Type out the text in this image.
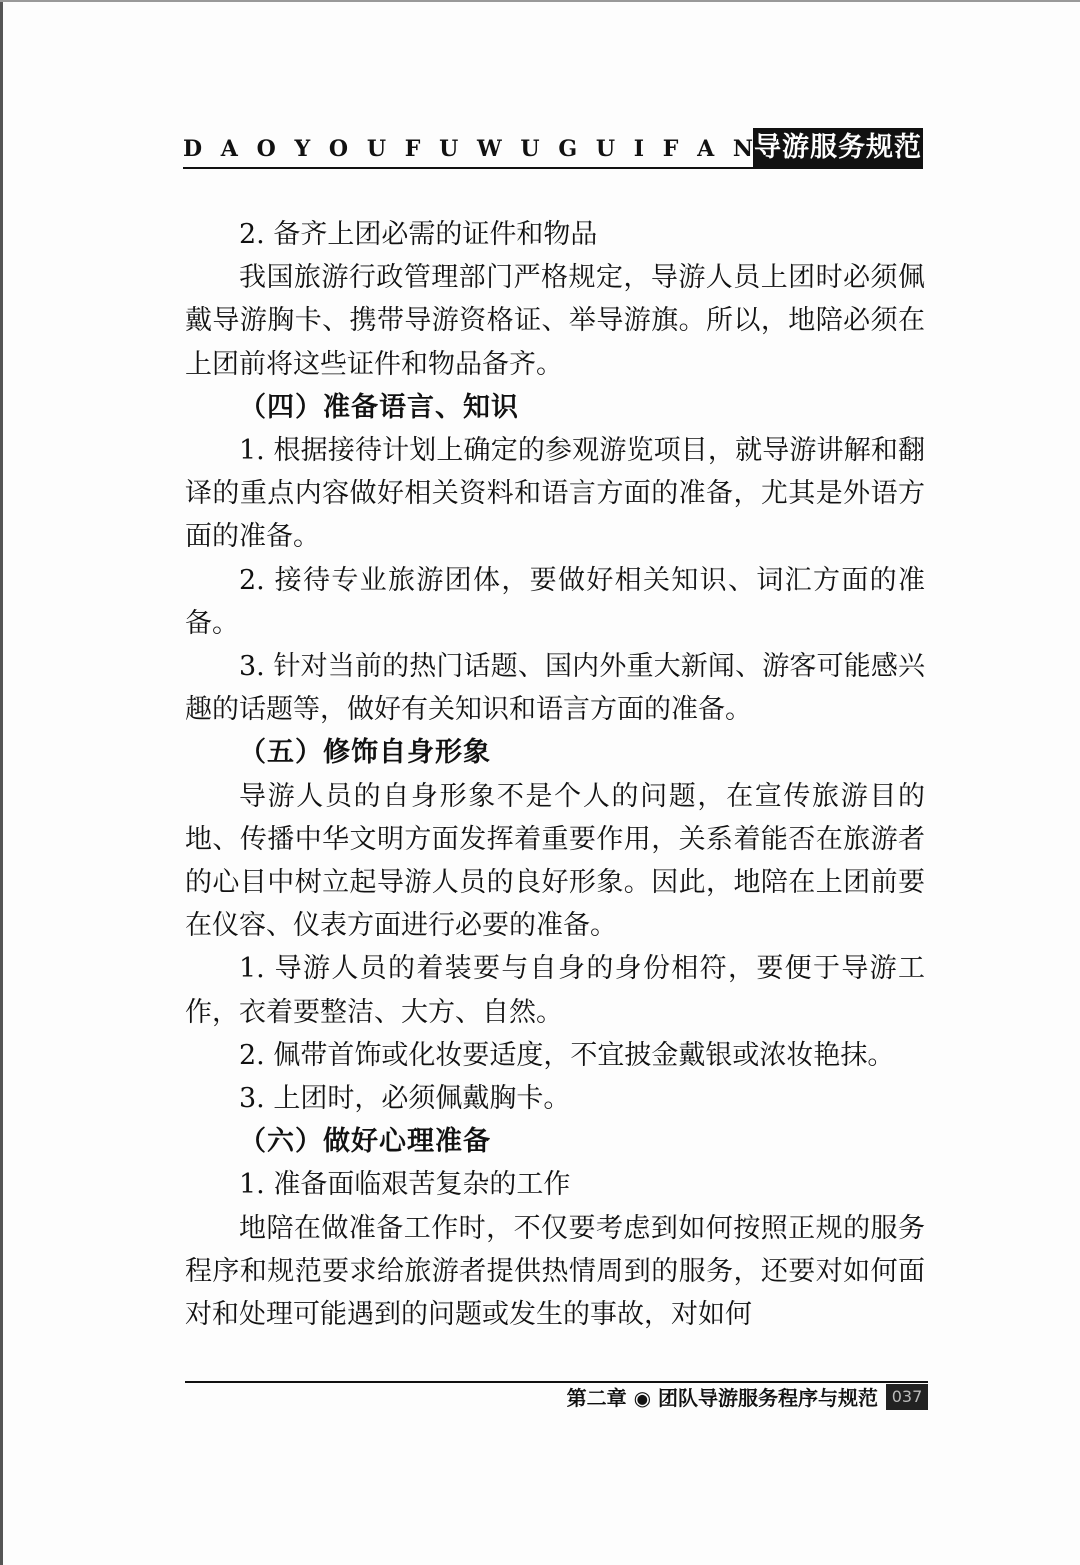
D A O Y O U F U W U G U I F A N 导游服务规范

2. 备齐上团必需的证件和物品

我国旅游行政管理部门严格规定，导游人员上团时必须佩戴导游胸卡、携带导游资格证、举导游旗。所以，地陪必须在上团前将这些证件和物品备齐。

（四）准备语言、知识

1. 根据接待计划上确定的参观游览项目，就导游讲解和翻译的重点内容做好相关资料和语言方面的准备，尤其是外语方面的准备。

2. 接待专业旅游团体，要做好相关知识、词汇方面的准备。

3. 针对当前的热门话题、国内外重大新闻、游客可能感兴趣的话题等，做好有关知识和语言方面的准备。

（五）修饰自身形象

导游人员的自身形象不是个人的问题，在宣传旅游目的地、传播中华文明方面发挥着重要作用，关系着能否在旅游者的心目中树立起导游人员的良好形象。因此，地陪在上团前要在仪容、仪表方面进行必要的准备。

1. 导游人员的着装要与自身的身份相符，要便于导游工作，衣着要整洁、大方、自然。

2. 佩带首饰或化妆要适度，不宜披金戴银或浓妆艳抹。

3. 上团时，必须佩戴胸卡。

（六）做好心理准备

1. 准备面临艰苦复杂的工作

地陪在做准备工作时，不仅要考虑到如何按照正规的服务程序和规范要求给旅游者提供热情周到的服务，还要对如何面对和处理可能遇到的问题或发生的事故，对如何

第二章 ◉ 团队导游服务程序与规范 037
